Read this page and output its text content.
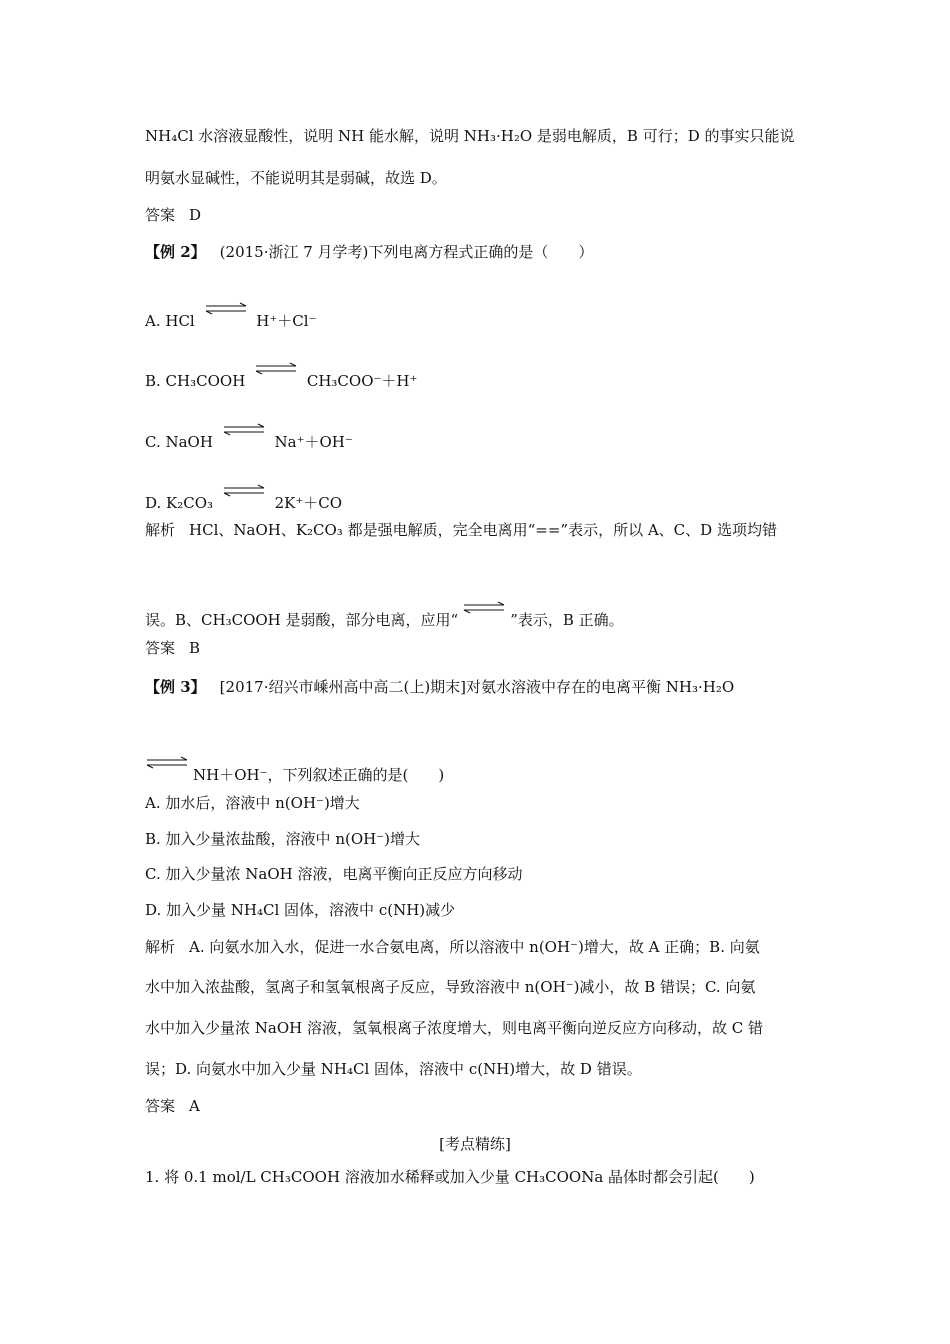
NH₄Cl 水溶液显酸性，说明 NH 能水解，说明 NH₃·H₂O 是弱电解质，B 可行；D 的事实只能说
明氨水显碱性，不能说明其是弱碱，故选 D。
答案 D
【例 2】 (2015·浙江 7 月学考)下列电离方程式正确的是（　　）
A. HCl	H⁺＋Cl⁻
B. CH₃COOH	CH₃COO⁻＋H⁺
C. NaOH	Na⁺＋OH⁻
D. K₂CO₃	2K⁺＋CO
解析 HCl、NaOH、K₂CO₃ 都是强电解质，完全电离用“==”表示，所以 A、C、D 选项均错
误。B、CH₃COOH 是弱酸，部分电离，应用“	”表示，B 正确。
答案 B
【例 3】 [2017·绍兴市嵊州高中高二(上)期末]对氨水溶液中存在的电离平衡 NH₃·H₂O
NH＋OH⁻，下列叙述正确的是(　　)
A. 加水后，溶液中 n(OH⁻)增大
B. 加入少量浓盐酸，溶液中 n(OH⁻)增大
C. 加入少量浓 NaOH 溶液，电离平衡向正反应方向移动
D. 加入少量 NH₄Cl 固体，溶液中 c(NH)减少
解析 A. 向氨水加入水，促进一水合氨电离，所以溶液中 n(OH⁻)增大，故 A 正确；B. 向氨
水中加入浓盐酸，氢离子和氢氧根离子反应，导致溶液中 n(OH⁻)减小，故 B 错误；C. 向氨
水中加入少量浓 NaOH 溶液，氢氧根离子浓度增大，则电离平衡向逆反应方向移动，故 C 错
误；D. 向氨水中加入少量 NH₄Cl 固体，溶液中 c(NH)增大，故 D 错误。
答案 A
[考点精练]
1. 将 0.1 mol/L CH₃COOH 溶液加水稀释或加入少量 CH₃COONa 晶体时都会引起(　　)
